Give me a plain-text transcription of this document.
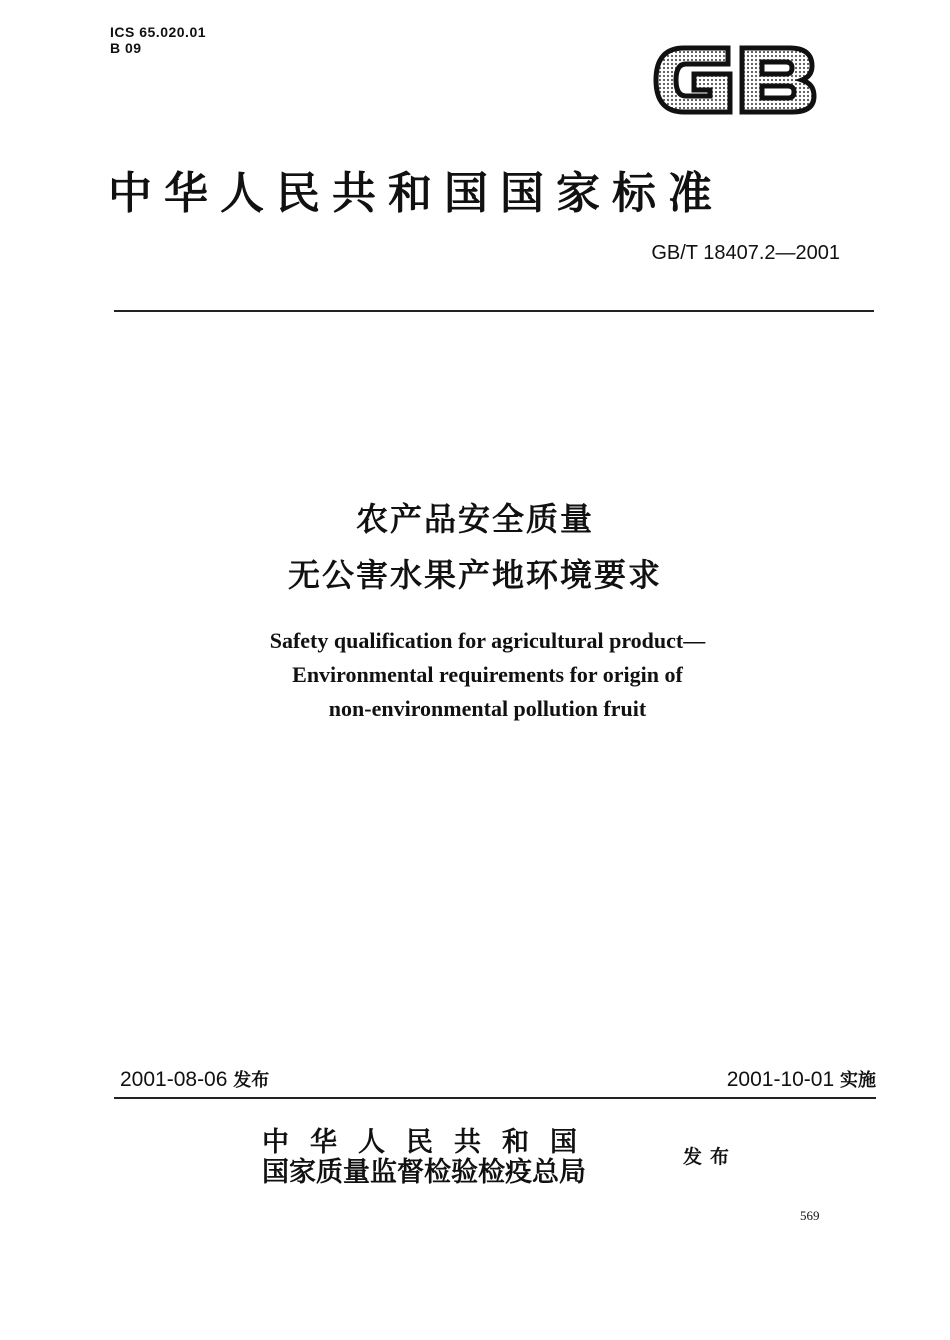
ICS 65.020.01
B 09
中华人民共和国国家标准
GB/T 18407.2—2001
农产品安全质量
无公害水果产地环境要求
Safety qualification for agricultural product—
Environmental requirements for origin of
non-environmental pollution fruit
2001-08-06 发布	2001-10-01 实施
中华人民共和国
国家质量监督检验检疫总局	发布
569
